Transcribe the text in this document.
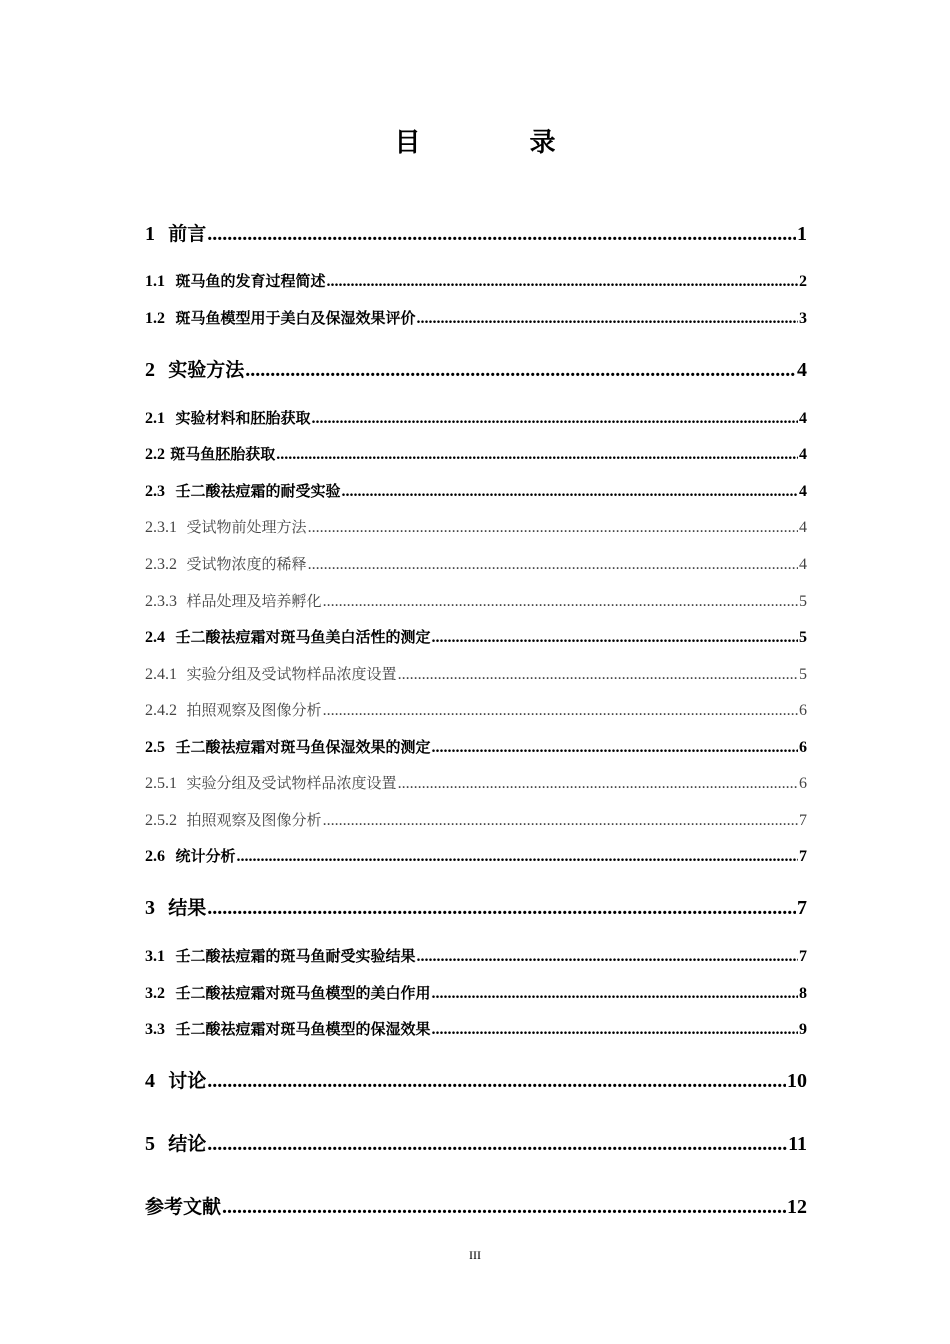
目 录
1 前言 .....	1
1.1 斑马鱼的发育过程简述 .....	2
1.2 斑马鱼模型用于美白及保湿效果评价 .....	3
2 实验方法 .....	4
2.1 实验材料和胚胎获取 .....	4
2.2 斑马鱼胚胎获取 .....	4
2.3 壬二酸祛痘霜的耐受实验 .....	4
2.3.1 受试物前处理方法 .....	4
2.3.2 受试物浓度的稀释 .....	4
2.3.3 样品处理及培养孵化 .....	5
2.4 壬二酸祛痘霜对斑马鱼美白活性的测定 .....	5
2.4.1 实验分组及受试物样品浓度设置 .....	5
2.4.2 拍照观察及图像分析 .....	6
2.5 壬二酸祛痘霜对斑马鱼保湿效果的测定 .....	6
2.5.1 实验分组及受试物样品浓度设置 .....	6
2.5.2 拍照观察及图像分析 .....	7
2.6 统计分析 .....	7
3 结果 .....	7
3.1 壬二酸祛痘霜的斑马鱼耐受实验结果 .....	7
3.2 壬二酸祛痘霜对斑马鱼模型的美白作用 .....	8
3.3 壬二酸祛痘霜对斑马鱼模型的保湿效果 .....	9
4 讨论 .....	10
5 结论 .....	11
参考文献 .....	12
III
